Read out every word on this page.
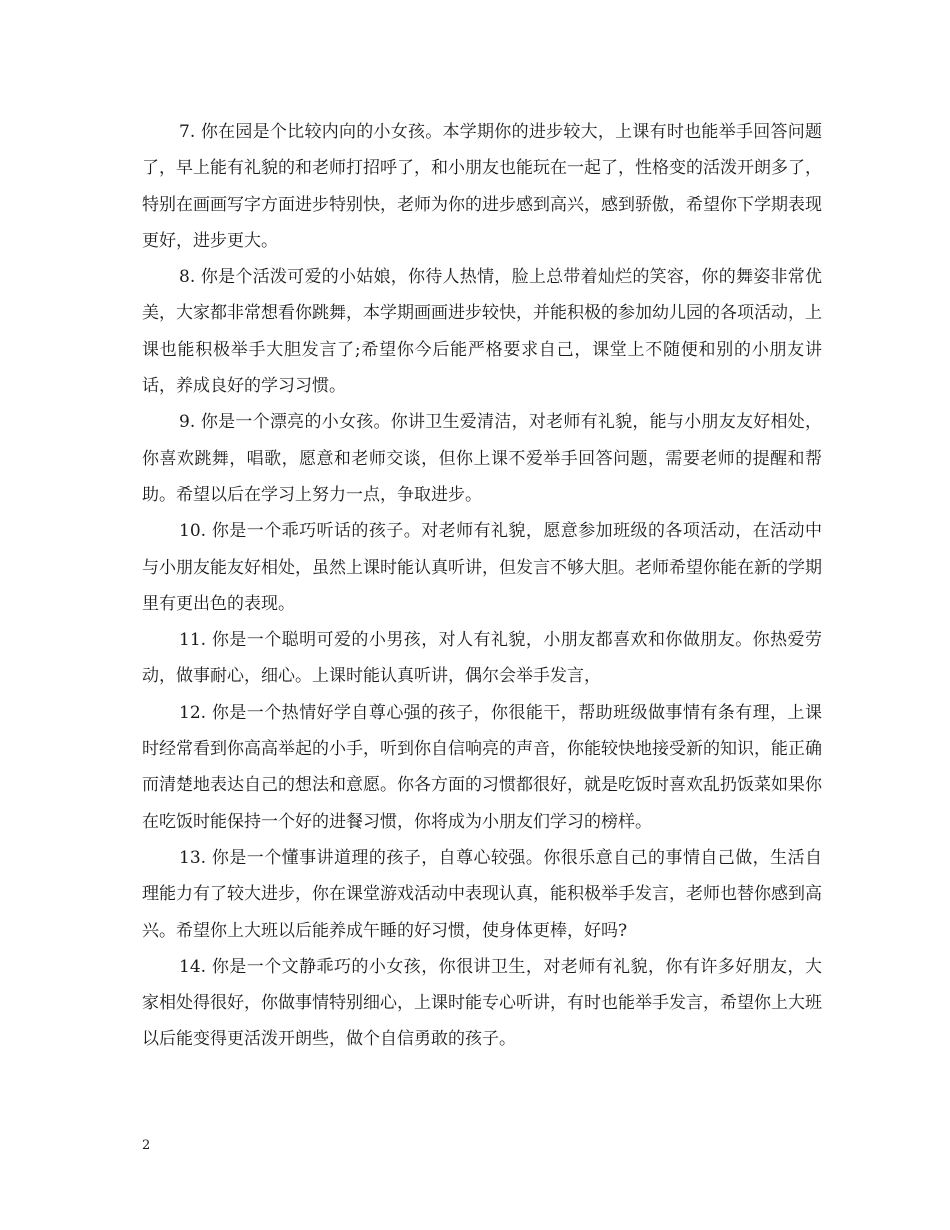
7. 你在园是个比较内向的小女孩。本学期你的进步较大，上课有时也能举手回答问题了，早上能有礼貌的和老师打招呼了，和小朋友也能玩在一起了，性格变的活泼开朗多了，特别在画画写字方面进步特别快，老师为你的进步感到高兴，感到骄傲，希望你下学期表现更好，进步更大。

8. 你是个活泼可爱的小姑娘，你待人热情，脸上总带着灿烂的笑容，你的舞姿非常优美，大家都非常想看你跳舞，本学期画画进步较快，并能积极的参加幼儿园的各项活动，上课也能积极举手大胆发言了;希望你今后能严格要求自己，课堂上不随便和别的小朋友讲话，养成良好的学习习惯。

9. 你是一个漂亮的小女孩。你讲卫生爱清洁，对老师有礼貌，能与小朋友友好相处，你喜欢跳舞，唱歌，愿意和老师交谈，但你上课不爱举手回答问题，需要老师的提醒和帮助。希望以后在学习上努力一点，争取进步。

10. 你是一个乖巧听话的孩子。对老师有礼貌，愿意参加班级的各项活动，在活动中与小朋友能友好相处，虽然上课时能认真听讲，但发言不够大胆。老师希望你能在新的学期里有更出色的表现。

11. 你是一个聪明可爱的小男孩，对人有礼貌，小朋友都喜欢和你做朋友。你热爱劳动，做事耐心，细心。上课时能认真听讲，偶尔会举手发言，

12. 你是一个热情好学自尊心强的孩子，你很能干，帮助班级做事情有条有理，上课时经常看到你高高举起的小手，听到你自信响亮的声音，你能较快地接受新的知识，能正确而清楚地表达自己的想法和意愿。你各方面的习惯都很好，就是吃饭时喜欢乱扔饭菜如果你在吃饭时能保持一个好的进餐习惯，你将成为小朋友们学习的榜样。

13. 你是一个懂事讲道理的孩子，自尊心较强。你很乐意自己的事情自己做，生活自理能力有了较大进步，你在课堂游戏活动中表现认真，能积极举手发言，老师也替你感到高兴。希望你上大班以后能养成午睡的好习惯，使身体更棒，好吗?

14. 你是一个文静乖巧的小女孩，你很讲卫生，对老师有礼貌，你有许多好朋友，大家相处得很好，你做事情特别细心，上课时能专心听讲，有时也能举手发言，希望你上大班以后能变得更活泼开朗些，做个自信勇敢的孩子。

2
